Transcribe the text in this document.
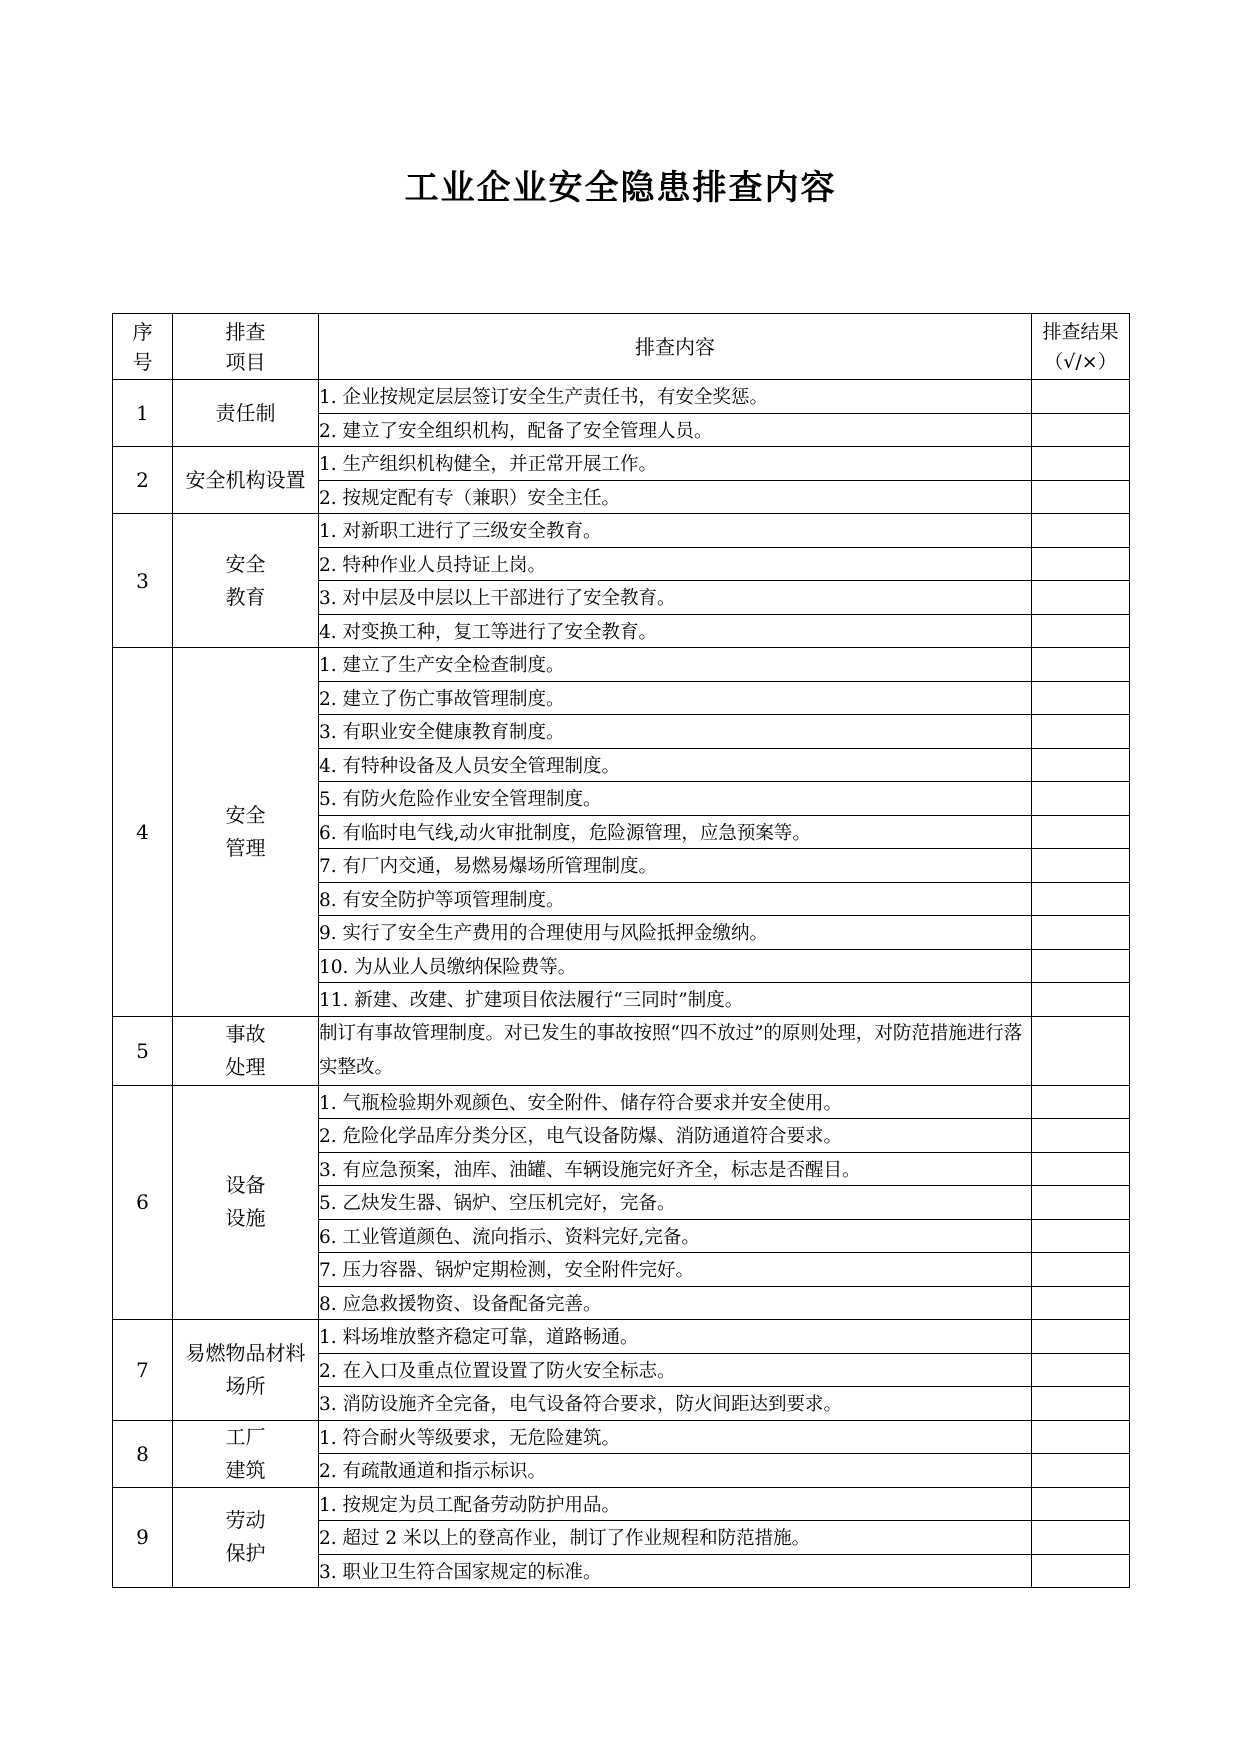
工业企业安全隐患排查内容
序号	排查项目	排查内容	排查结果（√/×）
1	责任制	1. 企业按规定层层签订安全生产责任书，有安全奖惩。	
		2. 建立了安全组织机构，配备了安全管理人员。	
2	安全机构设置	1. 生产组织机构健全，并正常开展工作。	
		2. 按规定配有专（兼职）安全主任。	
3	安全教育	1. 对新职工进行了三级安全教育。	
		2. 特种作业人员持证上岗。	
		3. 对中层及中层以上干部进行了安全教育。	
		4. 对变换工种，复工等进行了安全教育。	
4	安全管理	1. 建立了生产安全检查制度。	
		2. 建立了伤亡事故管理制度。	
		3. 有职业安全健康教育制度。	
		4. 有特种设备及人员安全管理制度。	
		5. 有防火危险作业安全管理制度。	
		6. 有临时电气线,动火审批制度，危险源管理，应急预案等。	
		7. 有厂内交通，易燃易爆场所管理制度。	
		8. 有安全防护等项管理制度。	
		9. 实行了安全生产费用的合理使用与风险抵押金缴纳。	
		10. 为从业人员缴纳保险费等。	
		11. 新建、改建、扩建项目依法履行“三同时”制度。	
5	事故处理	制订有事故管理制度。对已发生的事故按照“四不放过”的原则处理，对防范措施进行落实整改。	
6	设备设施	1. 气瓶检验期外观颜色、安全附件、储存符合要求并安全使用。	
		2. 危险化学品库分类分区，电气设备防爆、消防通道符合要求。	
		3. 有应急预案，油库、油罐、车辆设施完好齐全，标志是否醒目。	
		5. 乙炔发生器、锅炉、空压机完好，完备。	
		6. 工业管道颜色、流向指示、资料完好,完备。	
		7. 压力容器、锅炉定期检测，安全附件完好。	
		8. 应急救援物资、设备配备完善。	
7	易燃物品材料场所	1. 料场堆放整齐稳定可靠，道路畅通。	
		2. 在入口及重点位置设置了防火安全标志。	
		3. 消防设施齐全完备，电气设备符合要求，防火间距达到要求。	
8	工厂建筑	1. 符合耐火等级要求，无危险建筑。	
		2. 有疏散通道和指示标识。	
9	劳动保护	1. 按规定为员工配备劳动防护用品。	
		2. 超过 2 米以上的登高作业，制订了作业规程和防范措施。	
		3. 职业卫生符合国家规定的标准。	
